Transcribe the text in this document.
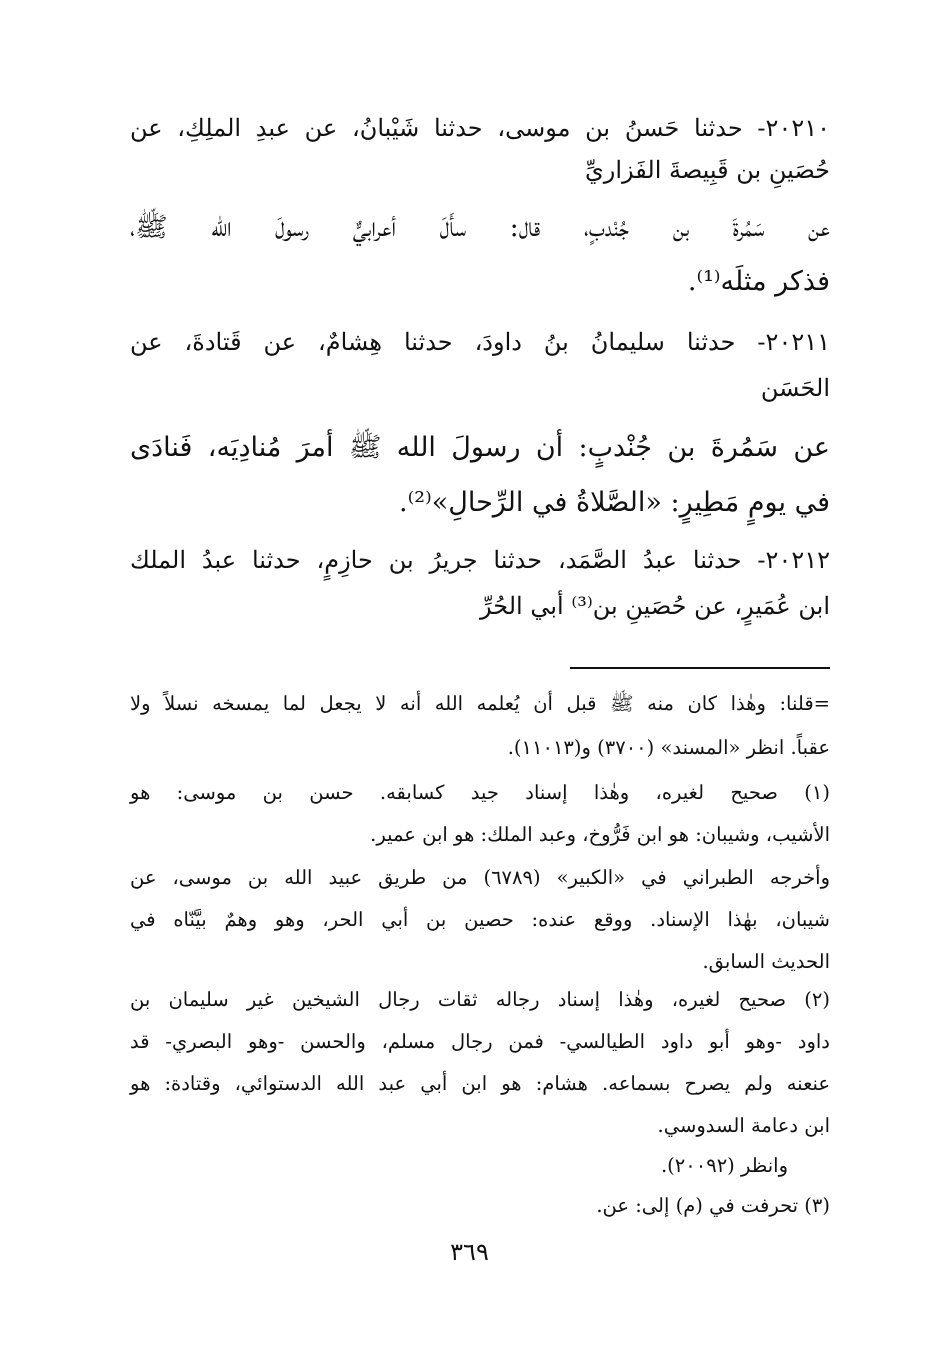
٢٠٢١٠- حدثنا حَسنُ بن موسى، حدثنا شَيْبانُ، عن عبدِ الملِكِ، عن
حُصَينِ بن قَبِيصةَ الفَزاريِّ
عن سَمُرةَ بن جُنْدبٍ، قال: سأَلَ أعرابيٌّ رسولَ الله ﷺ،
فذكر مثلَه⁽¹⁾.
٢٠٢١١- حدثنا سليمانُ بنُ داودَ، حدثنا هِشامٌ، عن قَتادةَ، عن
الحَسَن
عن سَمُرةَ بن جُنْدبٍ: أن رسولَ الله ﷺ أمرَ مُنادِيَه، فَنادَى
في يومٍ مَطِيرٍ: «الصَّلاةُ في الرِّحالِ»⁽²⁾.
٢٠٢١٢- حدثنا عبدُ الصَّمَد، حدثنا جريرُ بن حازِمٍ، حدثنا عبدُ الملك
ابن عُمَيرٍ، عن حُصَينِ بن⁽³⁾ أبي الحُرِّ
=قلنا: وهٰذا كان منه ﷺ قبل أن يُعلمه الله أنه لا يجعل لما يمسخه نسلاً ولا
عقباً. انظر «المسند» (٣٧٠٠) و(١١٠١٣).
(١) صحيح لغيره، وهٰذا إسناد جيد كسابقه. حسن بن موسى: هو
الأشيب، وشيبان: هو ابن فَرُّوخ، وعبد الملك: هو ابن عمير.
وأخرجه الطبراني في «الكبير» (٦٧٨٩) من طريق عبيد الله بن موسى، عن
شيبان، بهٰذا الإسناد. ووقع عنده: حصين بن أبي الحر، وهو وهمٌ بيَّنّاه في
الحديث السابق.
(٢) صحيح لغيره، وهٰذا إسناد رجاله ثقات رجال الشيخين غير سليمان بن
داود -وهو أبو داود الطيالسي- فمن رجال مسلم، والحسن -وهو البصري- قد
عنعنه ولم يصرح بسماعه. هشام: هو ابن أبي عبد الله الدستوائي، وقتادة: هو
ابن دعامة السدوسي.
وانظر (٢٠٠٩٢).
(٣) تحرفت في (م) إلى: عن.
٣٦٩
